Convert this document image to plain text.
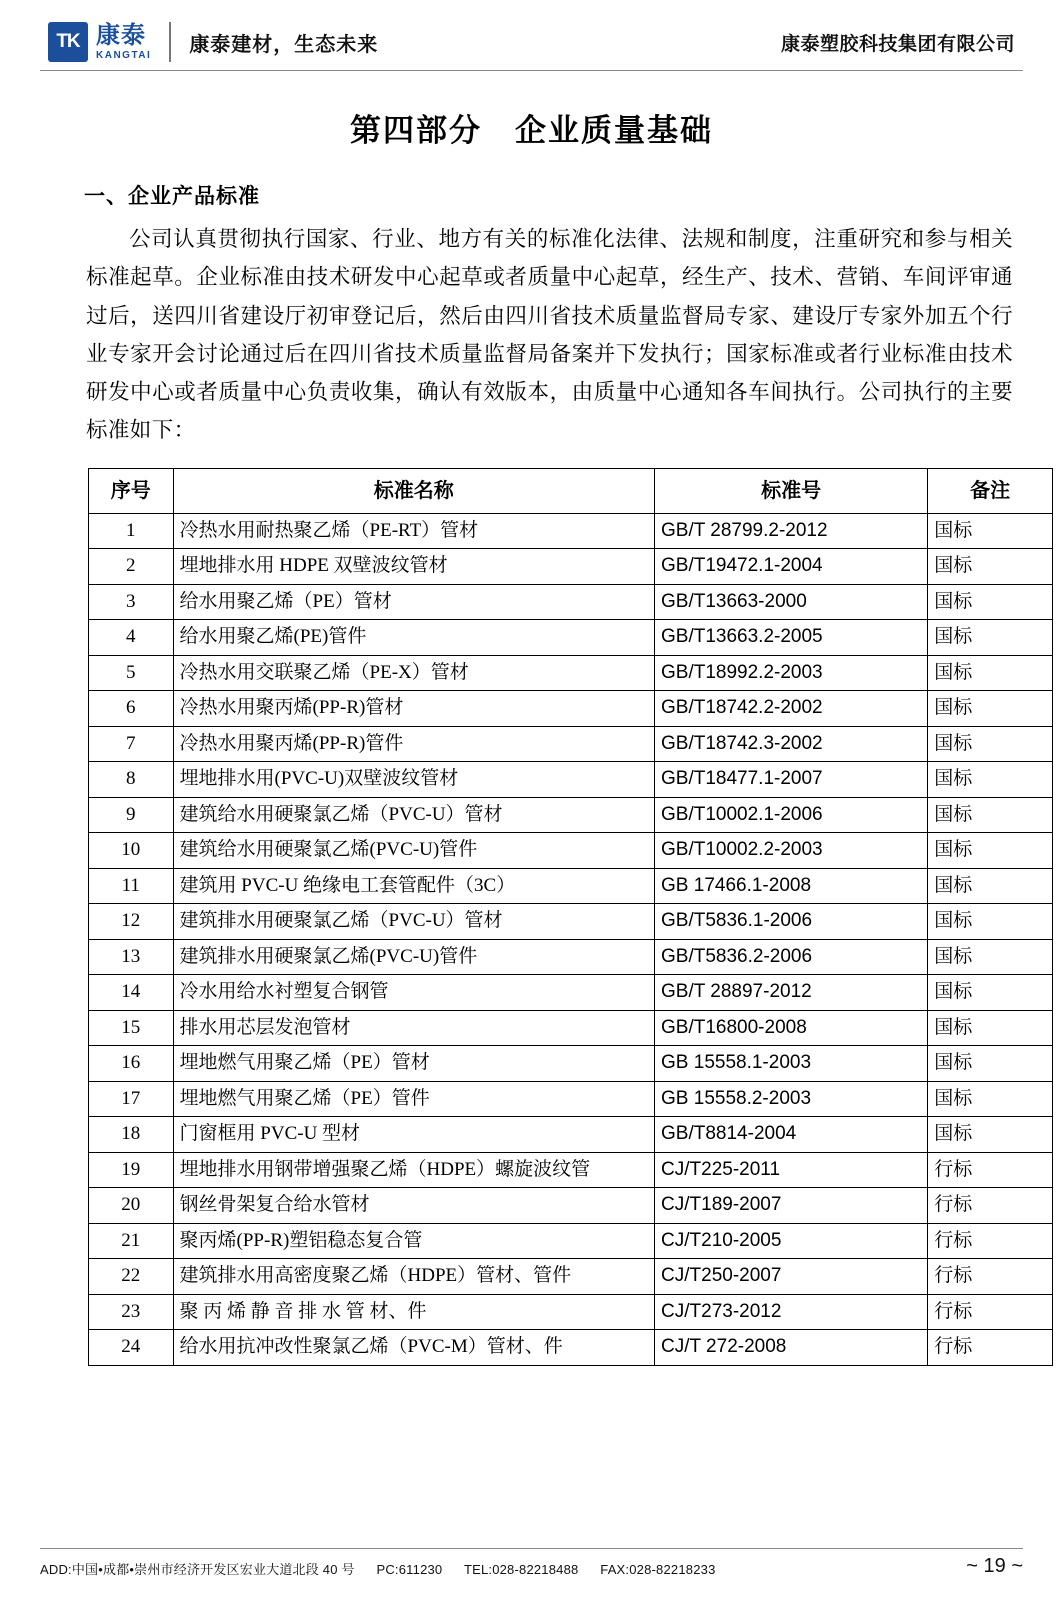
TK 康泰
KANGTAI	康泰建材，生态未来	康泰塑胶科技集团有限公司
第四部分　企业质量基础
一、企业产品标准
公司认真贯彻执行国家、行业、地方有关的标准化法律、法规和制度，注重研究和参与相关标准起草。企业标准由技术研发中心起草或者质量中心起草，经生产、技术、营销、车间评审通过后，送四川省建设厅初审登记后，然后由四川省技术质量监督局专家、建设厅专家外加五个行业专家开会讨论通过后在四川省技术质量监督局备案并下发执行；国家标准或者行业标准由技术研发中心或者质量中心负责收集，确认有效版本，由质量中心通知各车间执行。公司执行的主要标准如下：
序号	标准名称	标准号	备注
1	冷热水用耐热聚乙烯（PE-RT）管材	GB/T 28799.2-2012	国标
2	埋地排水用 HDPE 双壁波纹管材	GB/T19472.1-2004	国标
3	给水用聚乙烯（PE）管材	GB/T13663-2000	国标
4	给水用聚乙烯(PE)管件	GB/T13663.2-2005	国标
5	冷热水用交联聚乙烯（PE-X）管材	GB/T18992.2-2003	国标
6	冷热水用聚丙烯(PP-R)管材	GB/T18742.2-2002	国标
7	冷热水用聚丙烯(PP-R)管件	GB/T18742.3-2002	国标
8	埋地排水用(PVC-U)双壁波纹管材	GB/T18477.1-2007	国标
9	建筑给水用硬聚氯乙烯（PVC-U）管材	GB/T10002.1-2006	国标
10	建筑给水用硬聚氯乙烯(PVC-U)管件	GB/T10002.2-2003	国标
11	建筑用 PVC-U 绝缘电工套管配件（3C）	GB 17466.1-2008	国标
12	建筑排水用硬聚氯乙烯（PVC-U）管材	GB/T5836.1-2006	国标
13	建筑排水用硬聚氯乙烯(PVC-U)管件	GB/T5836.2-2006	国标
14	冷水用给水衬塑复合钢管	GB/T 28897-2012	国标
15	排水用芯层发泡管材	GB/T16800-2008	国标
16	埋地燃气用聚乙烯（PE）管材	GB 15558.1-2003	国标
17	埋地燃气用聚乙烯（PE）管件	GB 15558.2-2003	国标
18	门窗框用 PVC-U 型材	GB/T8814-2004	国标
19	埋地排水用钢带增强聚乙烯（HDPE）螺旋波纹管	CJ/T225-2011	行标
20	钢丝骨架复合给水管材	CJ/T189-2007	行标
21	聚丙烯(PP-R)塑铝稳态复合管	CJ/T210-2005	行标
22	建筑排水用高密度聚乙烯（HDPE）管材、管件	CJ/T250-2007	行标
23	聚 丙 烯 静 音 排 水 管 材、件	CJ/T273-2012	行标
24	给水用抗冲改性聚氯乙烯（PVC-M）管材、件	CJ/T 272-2008	行标
ADD:中国•成都•崇州市经济开发区宏业大道北段 40 号 PC:611230 TEL:028-82218488 FAX:028-82218233	~ 19 ~
